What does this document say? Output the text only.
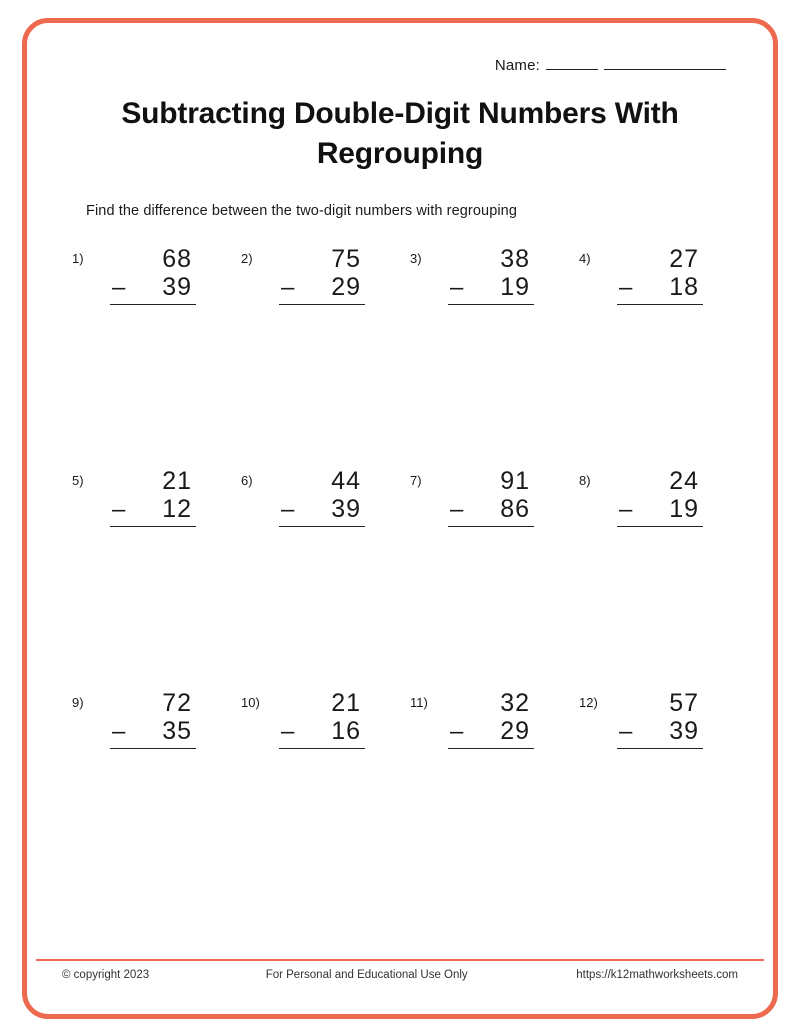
Name:
Subtracting Double-Digit Numbers With Regrouping
Find the difference between the two-digit numbers with regrouping
1)	68
– 39
2)	75
– 29
3)	38
– 19
4)	27
– 18
5)	21
– 12
6)	44
– 39
7)	91
– 86
8)	24
– 19
9)	72
– 35
10)	21
– 16
11)	32
– 29
12)	57
– 39
© copyright 2023	For Personal and Educational Use Only	https://k12mathworksheets.com
